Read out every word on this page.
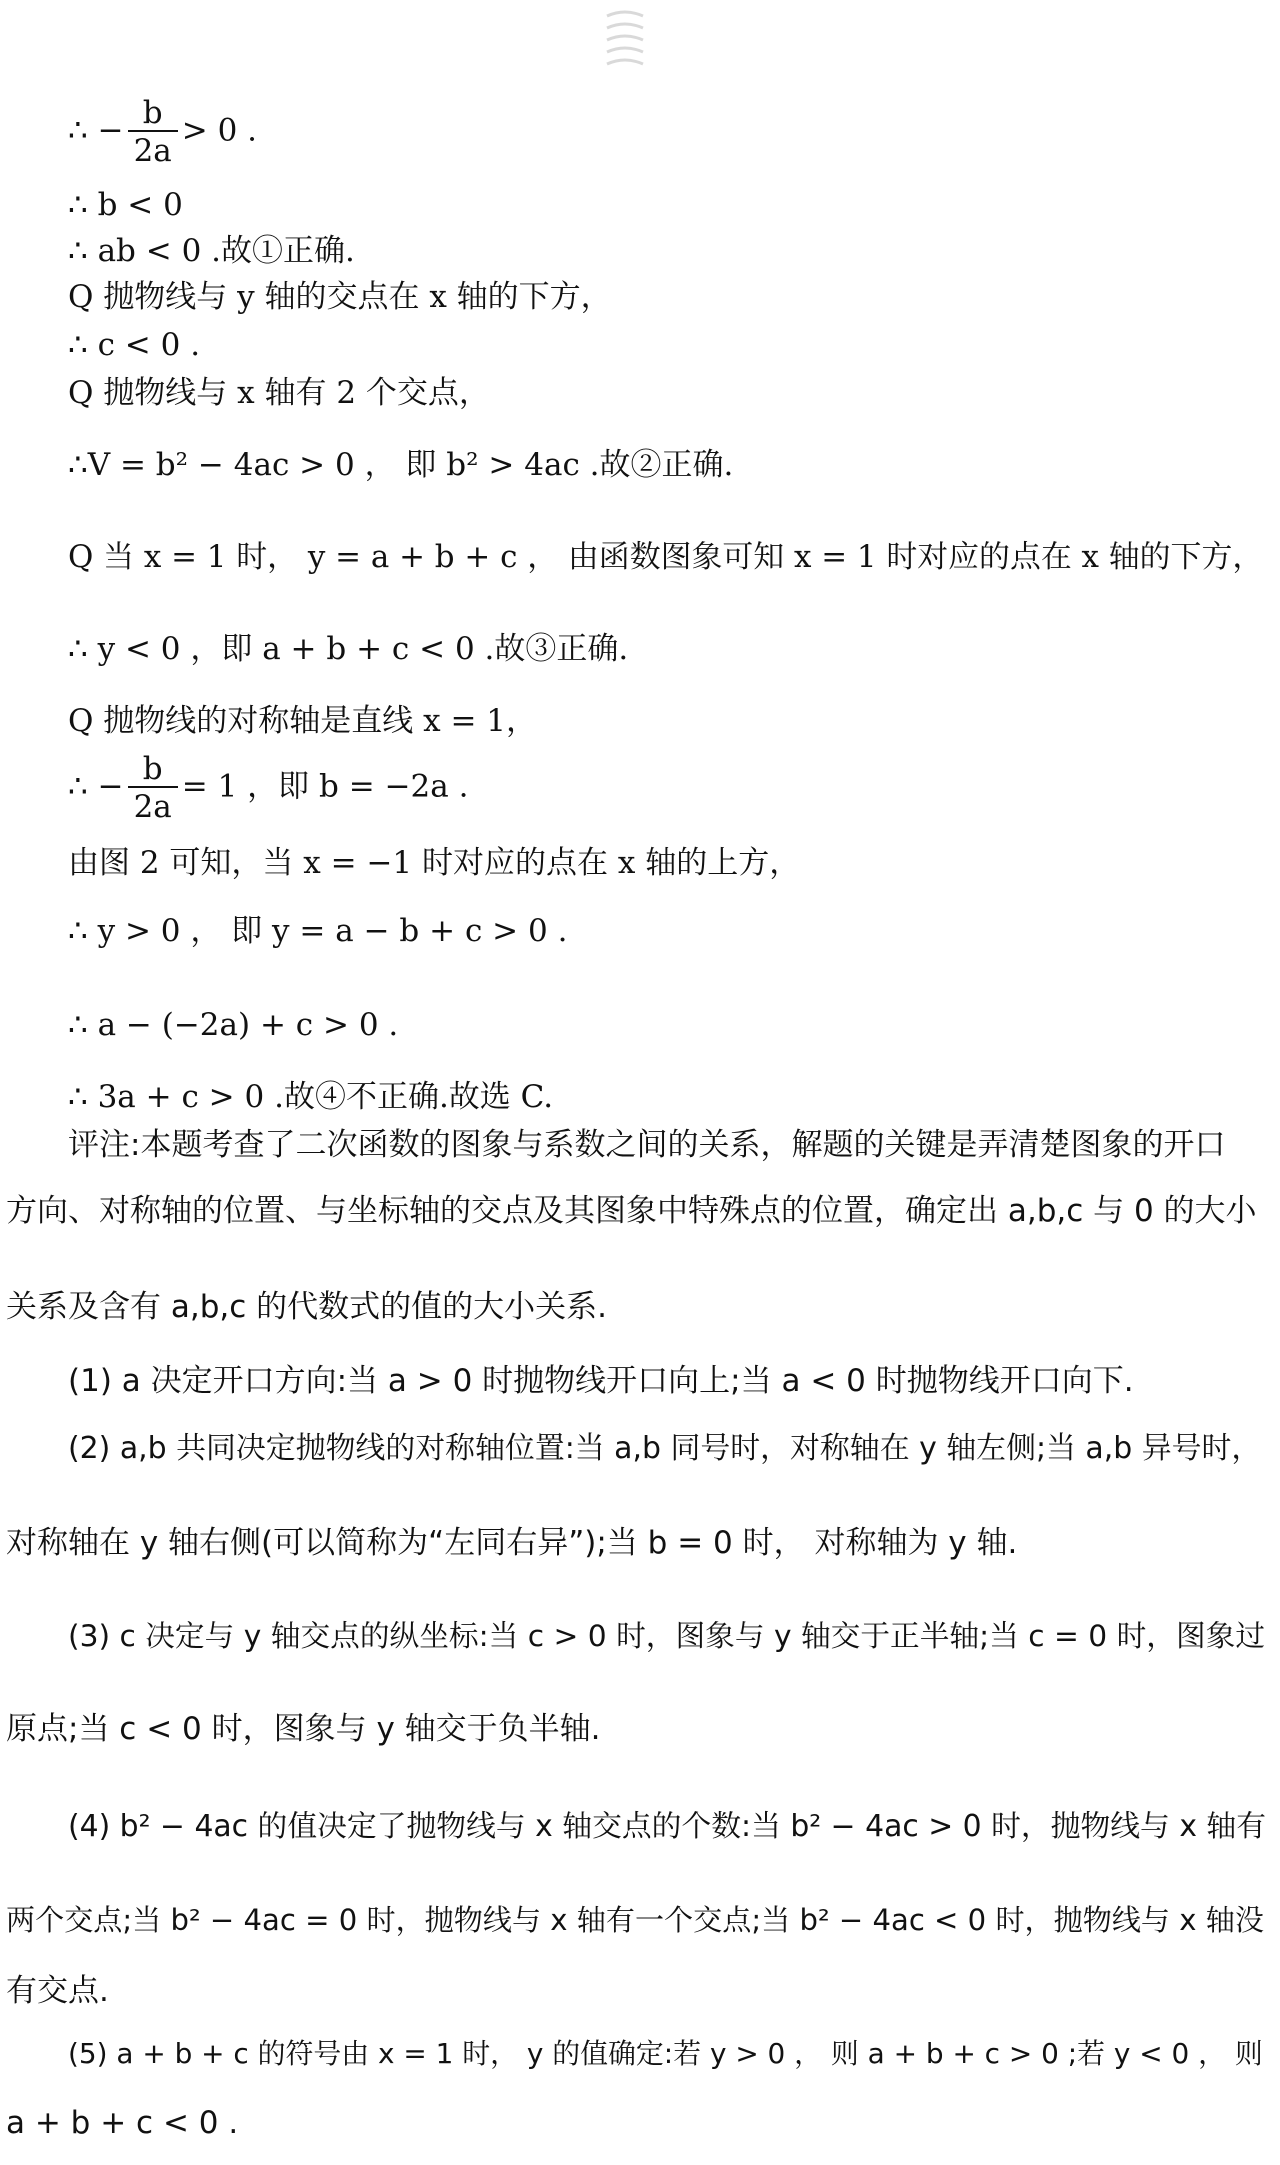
∴ − $\frac{b}{2a} > 0$ .
∴ b < 0
∴ ab < 0 .故①正确.
Q 抛物线与 y 轴的交点在 x 轴的下方，
∴ c < 0 .
Q 抛物线与 x 轴有 2 个交点，
∴V = b² − 4ac > 0 ， 即 b² > 4ac .故②正确.
Q 当 x = 1 时， y = a + b + c ， 由函数图象可知 x = 1 时对应的点在 x 轴的下方，
∴ y < 0 ，即 a + b + c < 0 .故③正确.
Q 抛物线的对称轴是直线 x = 1，
∴ − $\frac{b}{2a} = 1$ ，即 b = −2a .
由图 2 可知，当 x = −1 时对应的点在 x 轴的上方，
∴ y > 0 ， 即 y = a − b + c > 0 .
∴ a − (−2a) + c > 0 .
∴ 3a + c > 0 .故④不正确.故选 C.
评注:本题考查了二次函数的图象与系数之间的关系，解题的关键是弄清楚图象的开口
方向、对称轴的位置、与坐标轴的交点及其图象中特殊点的位置，确定出 a,b,c 与 0 的大小
关系及含有 a,b,c 的代数式的值的大小关系.
(1) a 决定开口方向:当 a > 0 时抛物线开口向上;当 a < 0 时抛物线开口向下.
(2) a,b 共同决定抛物线的对称轴位置:当 a,b 同号时，对称轴在 y 轴左侧;当 a,b 异号时，
对称轴在 y 轴右侧(可以简称为“左同右异”);当 b = 0 时， 对称轴为 y 轴.
(3) c 决定与 y 轴交点的纵坐标:当 c > 0 时，图象与 y 轴交于正半轴;当 c = 0 时，图象过
原点;当 c < 0 时，图象与 y 轴交于负半轴.
(4) b² − 4ac 的值决定了抛物线与 x 轴交点的个数:当 b² − 4ac > 0 时，抛物线与 x 轴有
两个交点;当 b² − 4ac = 0 时，抛物线与 x 轴有一个交点;当 b² − 4ac < 0 时，抛物线与 x 轴没
有交点.
(5) a + b + c 的符号由 x = 1 时， y 的值确定:若 y > 0 ， 则 a + b + c > 0 ;若 y < 0 ， 则
a + b + c < 0 .
